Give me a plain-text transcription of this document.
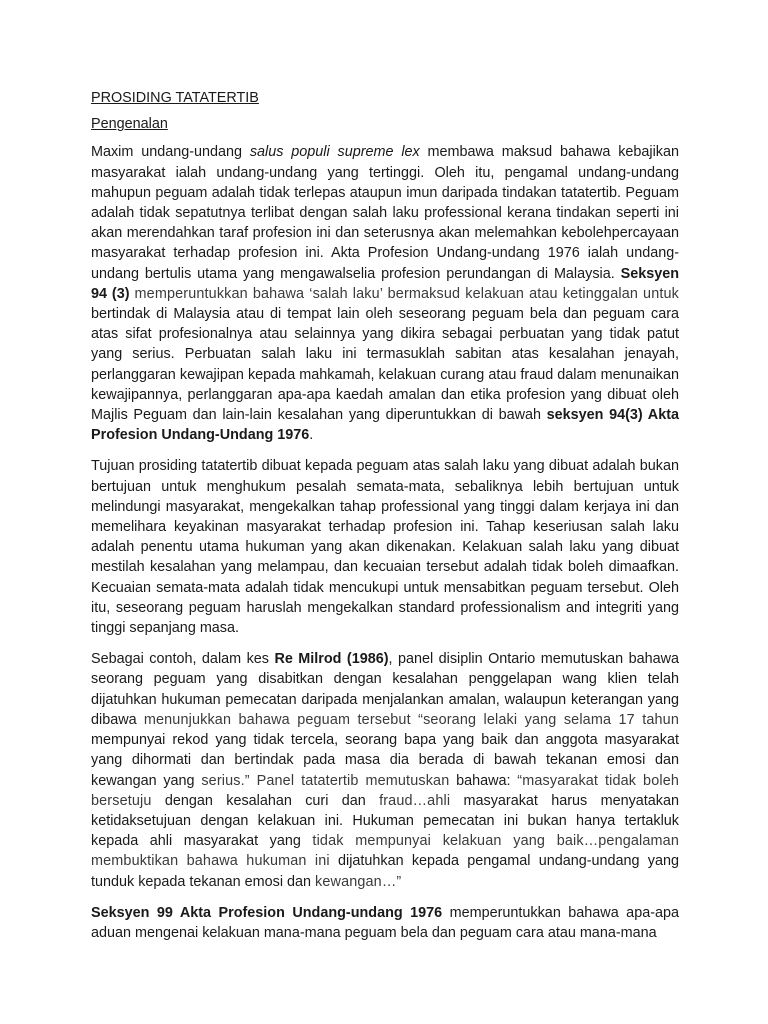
PROSIDING TATATERTIB

Pengenalan

Maxim undang-undang salus populi supreme lex membawa maksud bahawa kebajikan masyarakat ialah undang-undang yang tertinggi. Oleh itu, pengamal undang-undang mahupun peguam adalah tidak terlepas ataupun imun daripada tindakan tatatertib. Peguam adalah tidak sepatutnya terlibat dengan salah laku professional kerana tindakan seperti ini akan merendahkan taraf profesion ini dan seterusnya akan melemahkan kebolehpercayaan masyarakat terhadap profesion ini. Akta Profesion Undang-undang 1976 ialah undang-undang bertulis utama yang mengawalselia profesion perundangan di Malaysia. Seksyen 94 (3) memperuntukkan bahawa ‘salah laku’ bermaksud kelakuan atau ketinggalan untuk bertindak di Malaysia atau di tempat lain oleh seseorang peguam bela dan peguam cara atas sifat profesionalnya atau selainnya yang dikira sebagai perbuatan yang tidak patut yang serius. Perbuatan salah laku ini termasuklah sabitan atas kesalahan jenayah, perlanggaran kewajipan kepada mahkamah, kelakuan curang atau fraud dalam menunaikan kewajipannya, perlanggaran apa-apa kaedah amalan dan etika profesion yang dibuat oleh Majlis Peguam dan lain-lain kesalahan yang diperuntukkan di bawah seksyen 94(3) Akta Profesion Undang-Undang 1976.

Tujuan prosiding tatatertib dibuat kepada peguam atas salah laku yang dibuat adalah bukan bertujuan untuk menghukum pesalah semata-mata, sebaliknya lebih bertujuan untuk melindungi masyarakat, mengekalkan tahap professional yang tinggi dalam kerjaya ini dan memelihara keyakinan masyarakat terhadap profesion ini. Tahap keseriusan salah laku adalah penentu utama hukuman yang akan dikenakan. Kelakuan salah laku yang dibuat mestilah kesalahan yang melampau, dan kecuaian tersebut adalah tidak boleh dimaafkan. Kecuaian semata-mata adalah tidak mencukupi untuk mensabitkan peguam tersebut. Oleh itu, seseorang peguam haruslah mengekalkan standard professionalism and integriti yang tinggi sepanjang masa.

Sebagai contoh, dalam kes Re Milrod (1986), panel disiplin Ontario memutuskan bahawa seorang peguam yang disabitkan dengan kesalahan penggelapan wang klien telah dijatuhkan hukuman pemecatan daripada menjalankan amalan, walaupun keterangan yang dibawa menunjukkan bahawa peguam tersebut “seorang lelaki yang selama 17 tahun mempunyai rekod yang tidak tercela, seorang bapa yang baik dan anggota masyarakat yang dihormati dan bertindak pada masa dia berada di bawah tekanan emosi dan kewangan yang serius.” Panel tatatertib memutuskan bahawa: “masyarakat tidak boleh bersetuju dengan kesalahan curi dan fraud…ahli masyarakat harus menyatakan ketidaksetujuan dengan kelakuan ini. Hukuman pemecatan ini bukan hanya tertakluk kepada ahli masyarakat yang tidak mempunyai kelakuan yang baik…pengalaman membuktikan bahawa hukuman ini dijatuhkan kepada pengamal undang-undang yang tunduk kepada tekanan emosi dan kewangan…”

Seksyen 99 Akta Profesion Undang-undang 1976 memperuntukkan bahawa apa-apa aduan mengenai kelakuan mana-mana peguam bela dan peguam cara atau mana-mana
